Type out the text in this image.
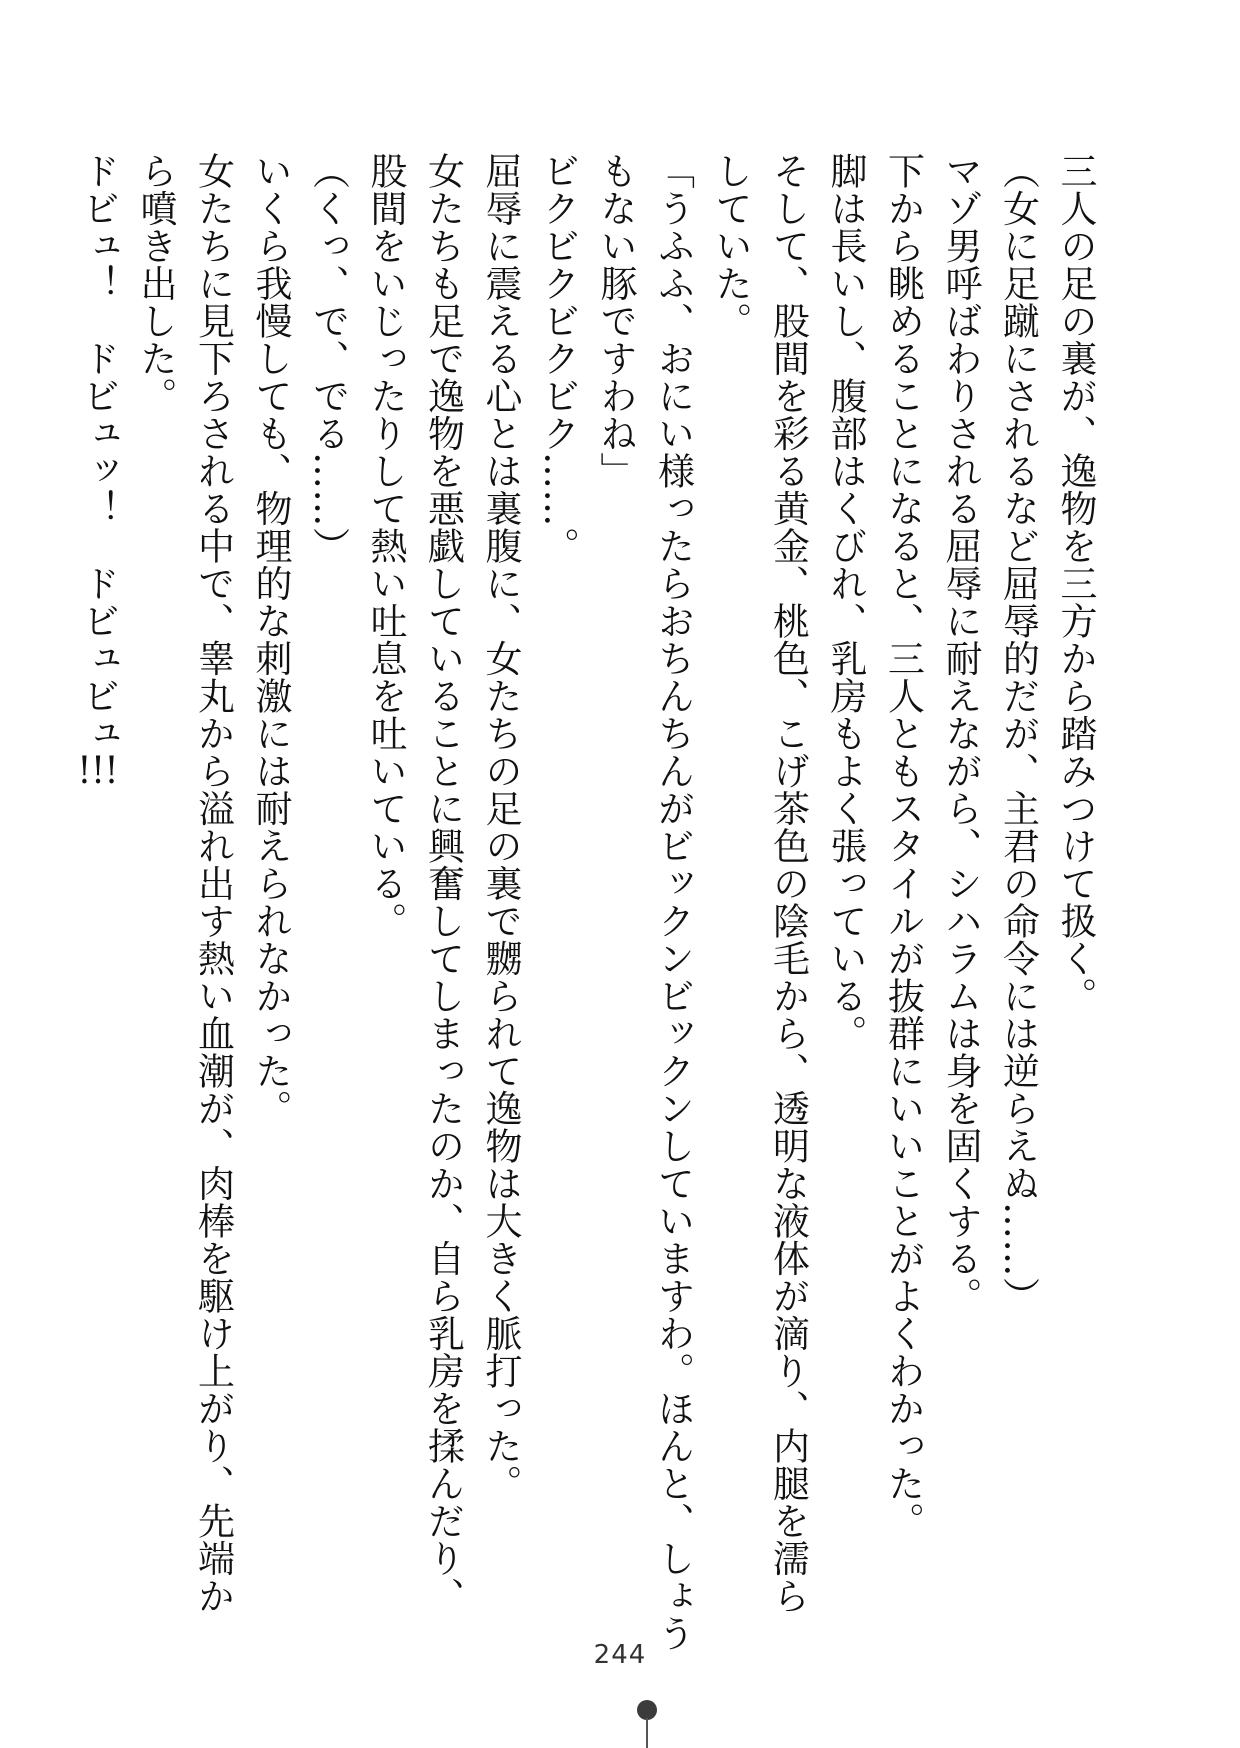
三人の足の裏が、逸物を三方から踏みつけて扱く。
（女に足蹴にされるなど屈辱的だが、主君の命令には逆らえぬ……）
マゾ男呼ばわりされる屈辱に耐えながら、シハラムは身を固くする。
下から眺めることになると、三人ともスタイルが抜群にいいことがよくわかった。
脚は長いし、腹部はくびれ、乳房もよく張っている。
そして、股間を彩る黄金、桃色、こげ茶色の陰毛から、透明な液体が滴り、内腿を濡ら
していた。
「うふふ、おにい様ったらおちんちんがビックンビックンしていますわ。ほんと、しょう
もない豚ですわね」
ビクビクビクビク……。
屈辱に震える心とは裏腹に、女たちの足の裏で嬲られて逸物は大きく脈打った。
女たちも足で逸物を悪戯していることに興奮してしまったのか、自ら乳房を揉んだり、
股間をいじったりして熱い吐息を吐いている。
（くっ、で、でる……）
いくら我慢しても、物理的な刺激には耐えられなかった。
女たちに見下ろされる中で、睾丸から溢れ出す熱い血潮が、肉棒を駆け上がり、先端か
ら噴き出した。
ドビュ！　ドビュッ！　ドビュビュ!!!
244
